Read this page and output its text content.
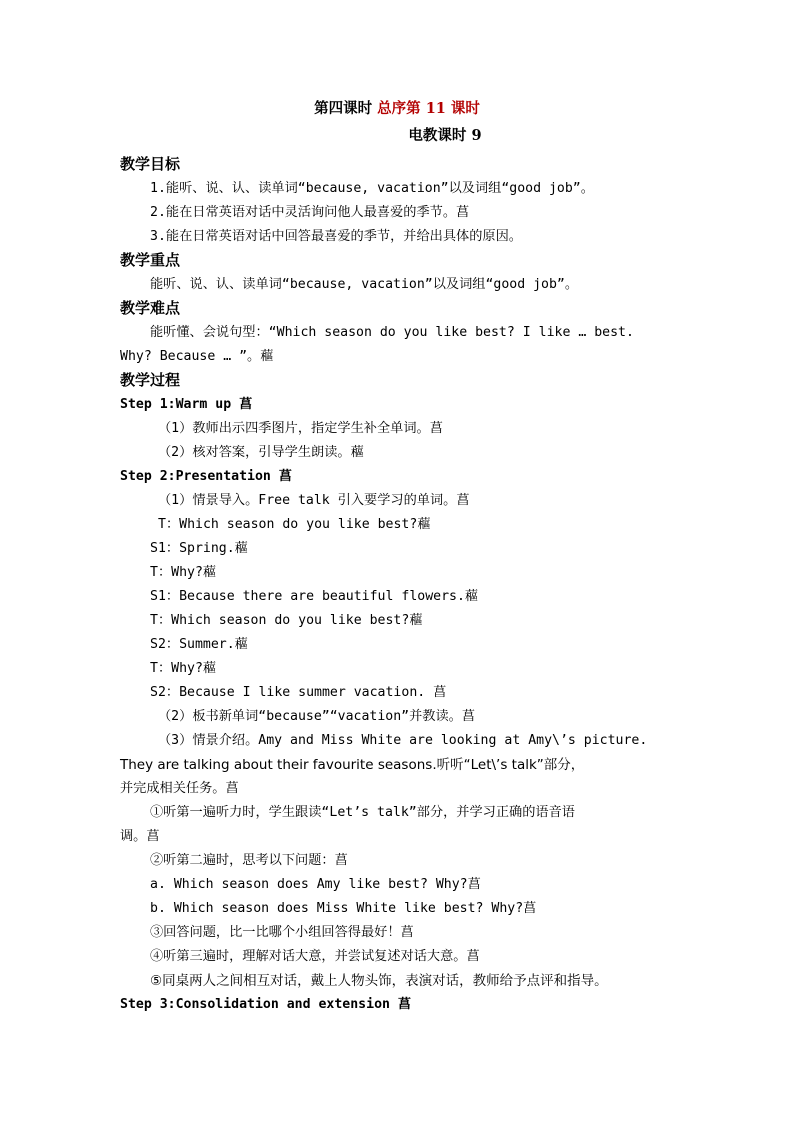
第四课时 总序第 11 课时
电教课时 9
教学目标
1.能听、说、认、读单词“because, vacation”以及词组“good job”。
2.能在日常英语对话中灵活询问他人最喜爱的季节。菖
3.能在日常英语对话中回答最喜爱的季节，并给出具体的原因。
教学重点
能听、说、认、读单词“because, vacation”以及词组“good job”。
教学难点
能听懂、会说句型：“Which season do you like best? I like … best.
Why? Because … ”。藲
教学过程
Step 1:Warm up 菖
（1）教师出示四季图片，指定学生补全单词。菖
（2）核对答案，引导学生朗读。藲
Step 2:Presentation 菖
（1）情景导入。Free talk 引入要学习的单词。菖
T：Which season do you like best?藲
S1：Spring.藲
T：Why?藲
S1：Because there are beautiful flowers.藲
T：Which season do you like best?藲
S2：Summer.藲
T：Why?藲
S2：Because I like summer vacation. 菖
（2）板书新单词“because”“vacation”并教读。菖
（3）情景介绍。Amy and Miss White are looking at Amy\’s picture.
They are talking about their favourite seasons.听听“Let\’s talk”部分，
并完成相关任务。菖
①听第一遍听力时，学生跟读“Let’s talk”部分，并学习正确的语音语
调。菖
②听第二遍时，思考以下问题：菖
a. Which season does Amy like best? Why?菖
b. Which season does Miss White like best? Why?菖
③回答问题，比一比哪个小组回答得最好！菖
④听第三遍时，理解对话大意，并尝试复述对话大意。菖
⑤同桌两人之间相互对话，戴上人物头饰，表演对话，教师给予点评和指导。
Step 3:Consolidation and extension 菖
